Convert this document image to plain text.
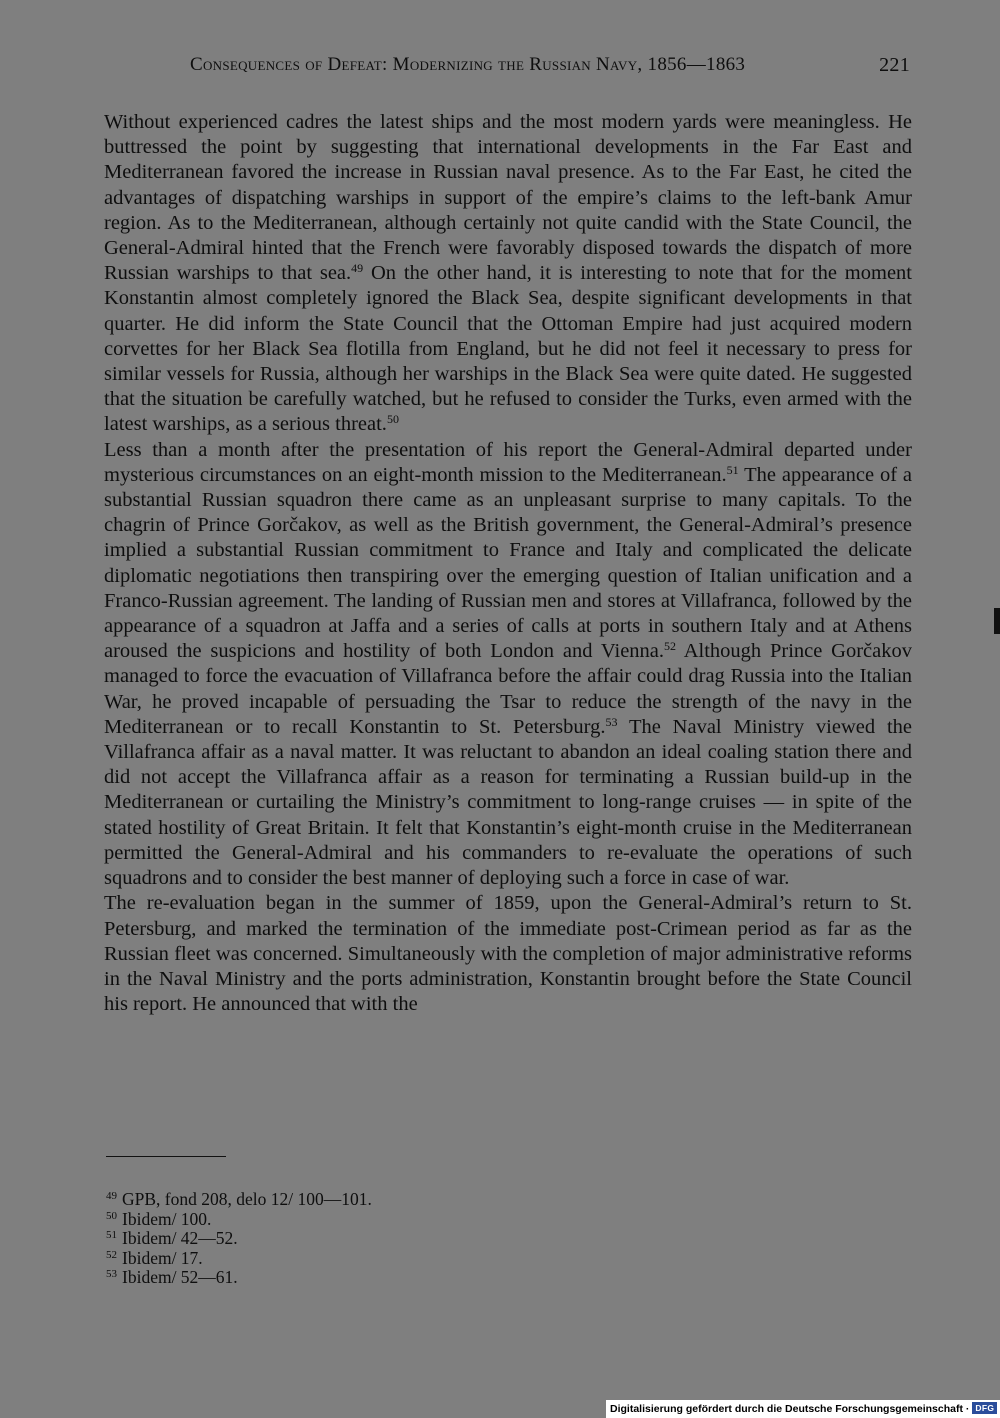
Consequences of Defeat: Modernizing the Russian Navy, 1856—1863	221

Without experienced cadres the latest ships and the most modern yards were meaningless. He buttressed the point by suggesting that international developments in the Far East and Mediterranean favored the increase in Russian naval presence. As to the Far East, he cited the advantages of dispatching warships in support of the empire’s claims to the left-bank Amur region. As to the Mediterranean, although certainly not quite candid with the State Council, the General-Admiral hinted that the French were favorably disposed towards the dispatch of more Russian warships to that sea.$^{49}$ On the other hand, it is interesting to note that for the moment Konstantin almost completely ignored the Black Sea, despite significant developments in that quarter. He did inform the State Council that the Ottoman Empire had just acquired modern corvettes for her Black Sea flotilla from England, but he did not feel it necessary to press for similar vessels for Russia, although her warships in the Black Sea were quite dated. He suggested that the situation be carefully watched, but he refused to consider the Turks, even armed with the latest warships, as a serious threat.$^{50}$

Less than a month after the presentation of his report the General-Admiral departed under mysterious circumstances on an eight-month mission to the Mediterranean.$^{51}$ The appearance of a substantial Russian squadron there came as an unpleasant surprise to many capitals. To the chagrin of Prince Gorčakov, as well as the British government, the General-Admiral’s presence implied a substantial Russian commitment to France and Italy and complicated the delicate diplomatic negotiations then transpiring over the emerging question of Italian unification and a Franco-Russian agreement. The landing of Russian men and stores at Villafranca, followed by the appearance of a squadron at Jaffa and a series of calls at ports in southern Italy and at Athens aroused the suspicions and hostility of both London and Vienna.$^{52}$ Although Prince Gorčakov managed to force the evacuation of Villafranca before the affair could drag Russia into the Italian War, he proved incapable of persuading the Tsar to reduce the strength of the navy in the Mediterranean or to recall Konstantin to St. Petersburg.$^{53}$ The Naval Ministry viewed the Villafranca affair as a naval matter. It was reluctant to abandon an ideal coaling station there and did not accept the Villafranca affair as a reason for terminating a Russian build-up in the Mediterranean or curtailing the Ministry’s commitment to long-range cruises — in spite of the stated hostility of Great Britain. It felt that Konstantin’s eight-month cruise in the Mediterranean permitted the General-Admiral and his commanders to re-evaluate the operations of such squadrons and to consider the best manner of deploying such a force in case of war.

The re-evaluation began in the summer of 1859, upon the General-Admiral’s return to St. Petersburg, and marked the termination of the immediate post-Crimean period as far as the Russian fleet was concerned. Simultaneously with the completion of major administrative reforms in the Naval Ministry and the ports administration, Konstantin brought before the State Council his report. He announced that with the

$^{49}$ GPB, fond 208, delo 12/ 100—101.

$^{50}$ Ibidem/ 100.

$^{51}$ Ibidem/ 42—52.

$^{52}$ Ibidem/ 17.

$^{53}$ Ibidem/ 52—61.

Digitalisierung gefördert durch die Deutsche Forschungsgemeinschaft · DFG
